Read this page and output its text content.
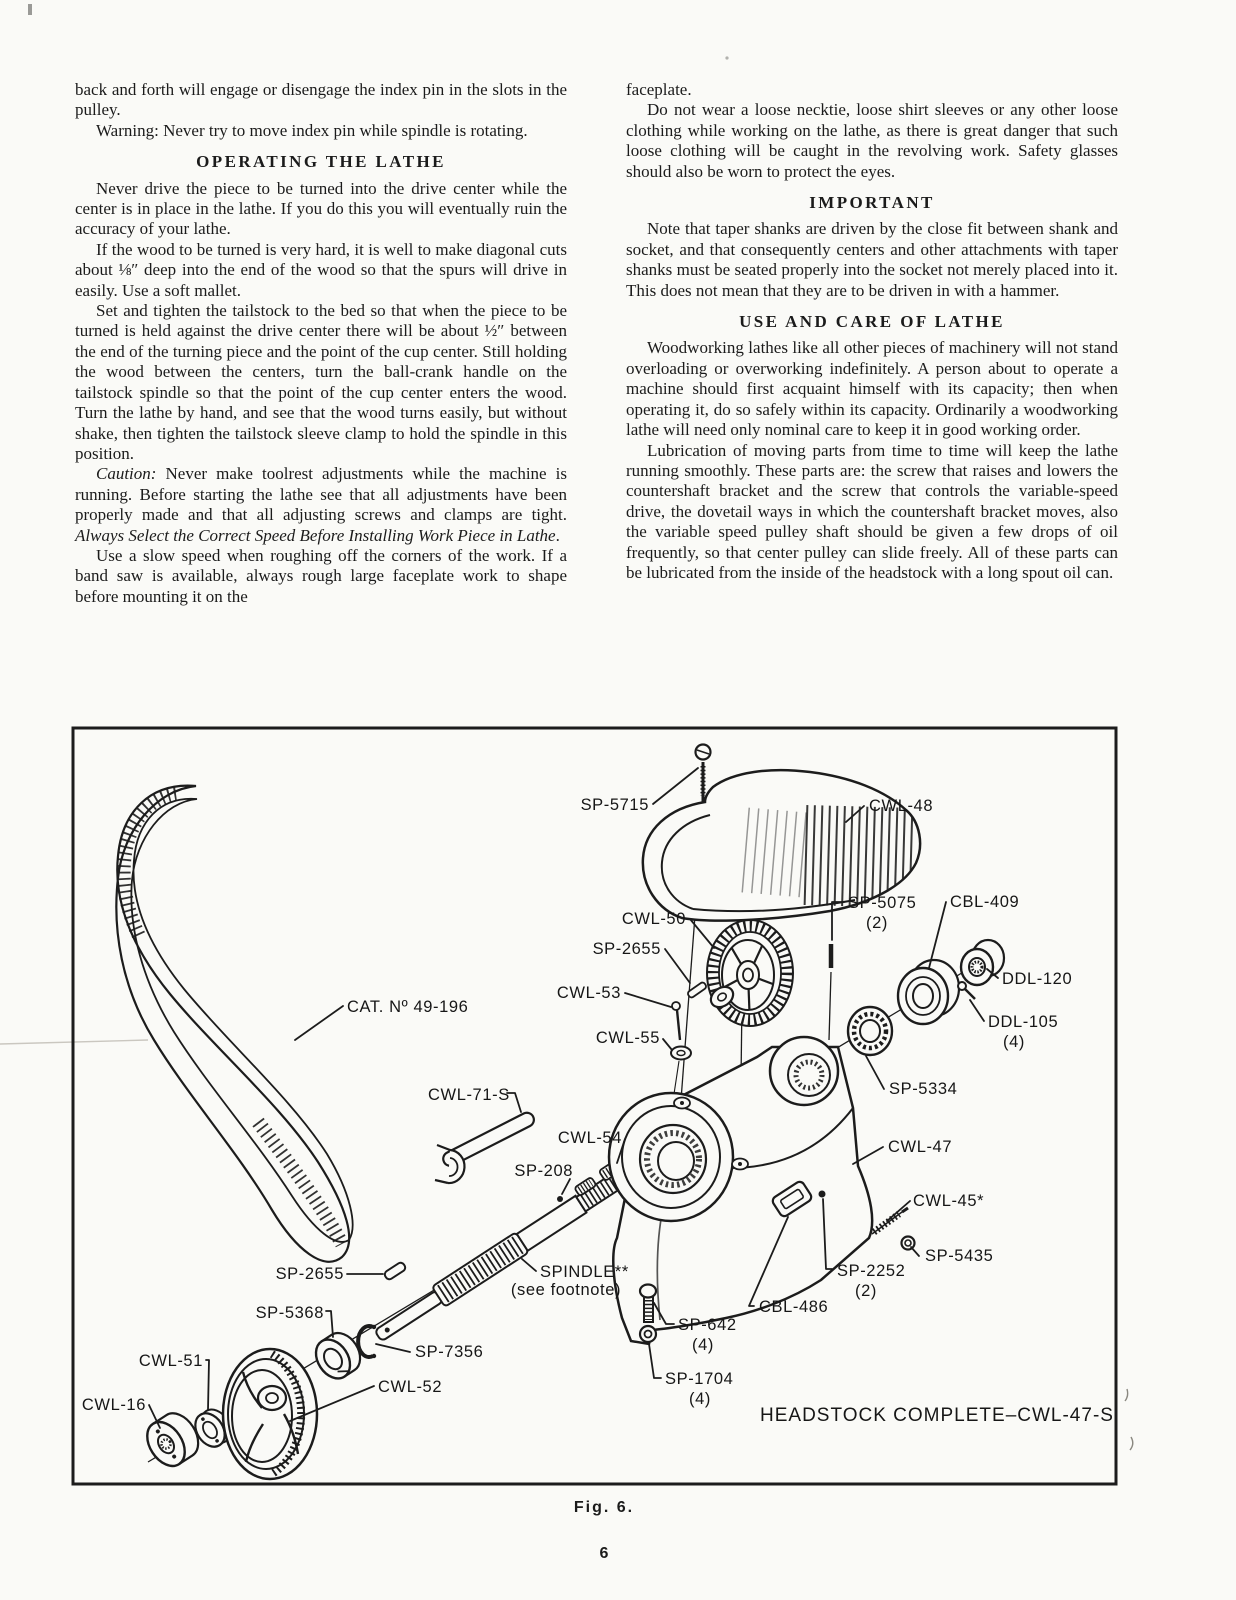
back and forth will engage or disengage the index pin in the slots in the pulley.

Warning: Never try to move index pin while spindle is rotating.

OPERATING THE LATHE

Never drive the piece to be turned into the drive center while the center is in place in the lathe. If you do this you will eventually ruin the accuracy of your lathe.

If the wood to be turned is very hard, it is well to make diagonal cuts about ⅛″ deep into the end of the wood so that the spurs will drive in easily. Use a soft mallet.

Set and tighten the tailstock to the bed so that when the piece to be turned is held against the drive center there will be about ½″ between the end of the turning piece and the point of the cup center. Still holding the wood between the centers, turn the ball-crank handle on the tailstock spindle so that the point of the cup center enters the wood. Turn the lathe by hand, and see that the wood turns easily, but without shake, then tighten the tailstock sleeve clamp to hold the spindle in this position.

Caution: Never make toolrest adjustments while the machine is running. Before starting the lathe see that all adjustments have been properly made and that all adjusting screws and clamps are tight. Always Select the Correct Speed Before Installing Work Piece in Lathe.

Use a slow speed when roughing off the corners of the work. If a band saw is available, always rough large faceplate work to shape before mounting it on the

faceplate.

Do not wear a loose necktie, loose shirt sleeves or any other loose clothing while working on the lathe, as there is great danger that such loose clothing will be caught in the revolving work. Safety glasses should also be worn to protect the eyes.

IMPORTANT

Note that taper shanks are driven by the close fit between shank and socket, and that consequently centers and other attachments with taper shanks must be seated properly into the socket not merely placed into it. This does not mean that they are to be driven in with a hammer.

USE AND CARE OF LATHE

Woodworking lathes like all other pieces of machinery will not stand overloading or overworking indefinitely. A person about to operate a machine should first acquaint himself with its capacity; then when operating it, do so safely within its capacity. Ordinarily a woodworking lathe will need only nominal care to keep it in good working order.

Lubrication of moving parts from time to time will keep the lathe running smoothly. These parts are: the screw that raises and lowers the countershaft bracket and the screw that controls the variable-speed drive, the dovetail ways in which the countershaft bracket moves, also the variable speed pulley shaft should be given a few drops of oil frequently, so that center pulley can slide freely. All of these parts can be lubricated from the inside of the headstock with a long spout oil can.

SP-5715	CWL-48
SP-5075
(2)
CBL-409
CWL-50
SP-2655
DDL-120
CWL-53
DDL-105
(4)
CWL-55
SP-5334
CAT. Nº 49-196
CWL-71-S
CWL-54
SP-208
SPINDLE**
(see footnote)
SP-2655
SP-5368
CWL-51
CWL-16
CWL-52
SP-7356
CWL-47
CWL-45*
SP-5435
SP-2252
(2)
CBL-486
SP-642
(4)
SP-1704
(4)
HEADSTOCK COMPLETE–CWL-47-S
Fig. 6.
6
